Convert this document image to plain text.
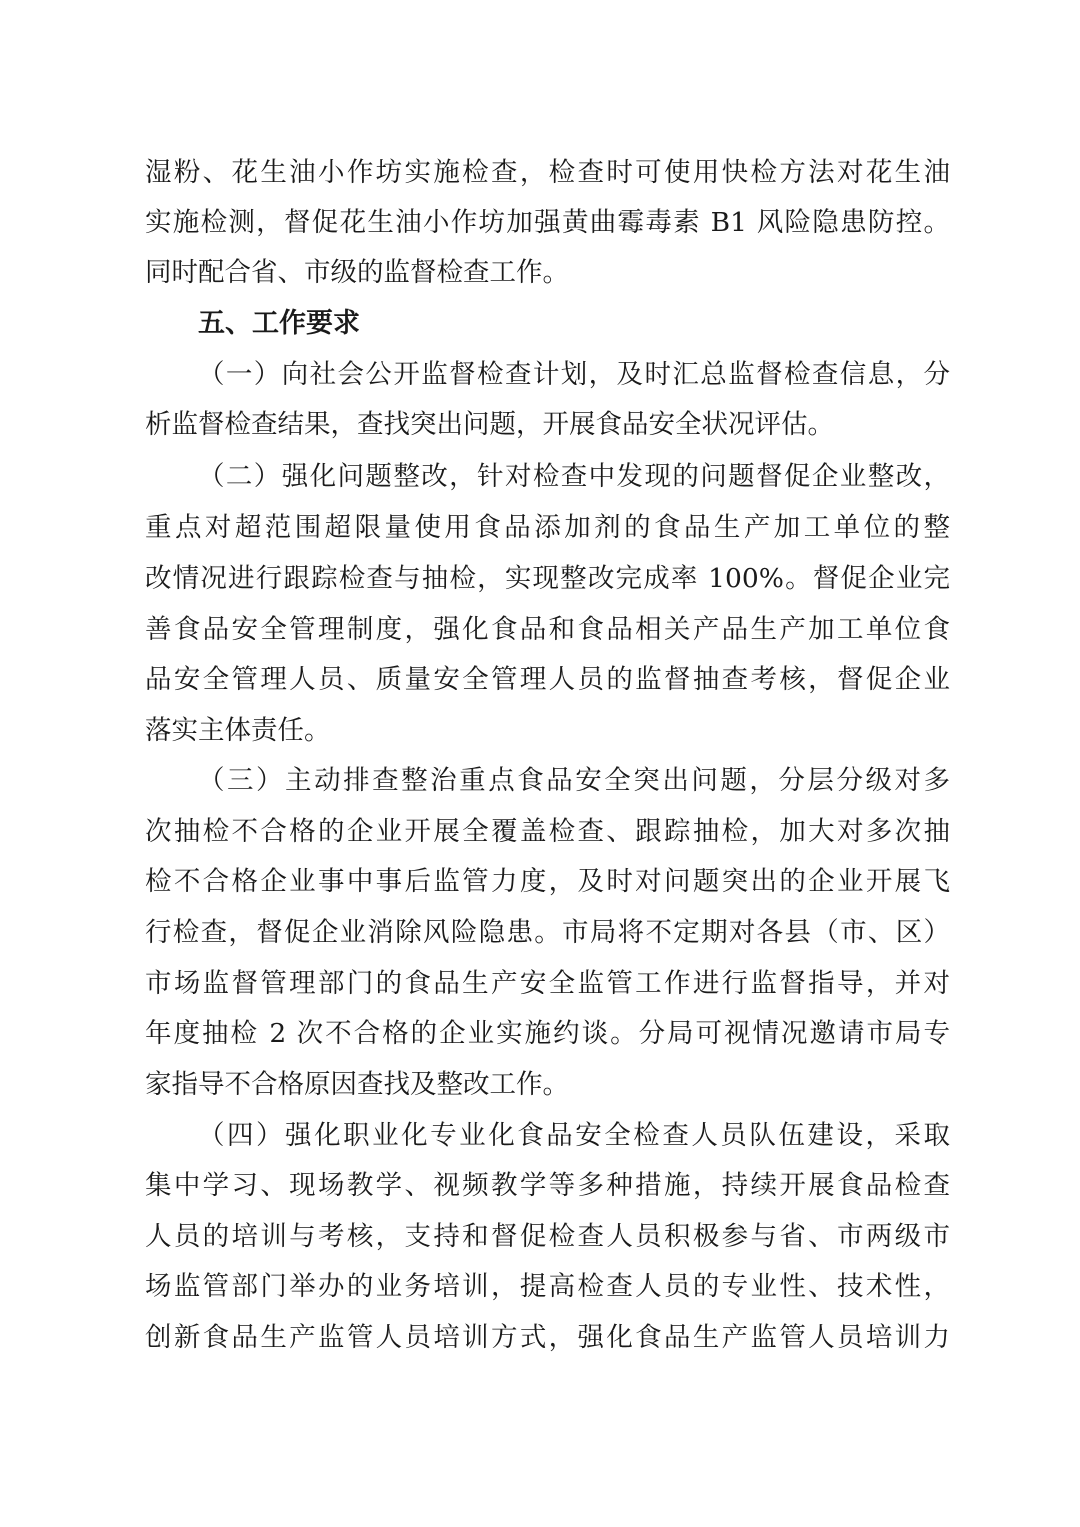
湿粉、花生油小作坊实施检查，检查时可使用快检方法对花生油
实施检测，督促花生油小作坊加强黄曲霉毒素 B1 风险隐患防控。
同时配合省、市级的监督检查工作。
五、工作要求
（一）向社会公开监督检查计划，及时汇总监督检查信息，分
析监督检查结果，查找突出问题，开展食品安全状况评估。
（二）强化问题整改，针对检查中发现的问题督促企业整改，
重点对超范围超限量使用食品添加剂的食品生产加工单位的整
改情况进行跟踪检查与抽检，实现整改完成率 100%。督促企业完
善食品安全管理制度，强化食品和食品相关产品生产加工单位食
品安全管理人员、质量安全管理人员的监督抽查考核，督促企业
落实主体责任。
（三）主动排查整治重点食品安全突出问题，分层分级对多
次抽检不合格的企业开展全覆盖检查、跟踪抽检，加大对多次抽
检不合格企业事中事后监管力度，及时对问题突出的企业开展飞
行检查，督促企业消除风险隐患。市局将不定期对各县（市、区）
市场监督管理部门的食品生产安全监管工作进行监督指导，并对
年度抽检 2 次不合格的企业实施约谈。分局可视情况邀请市局专
家指导不合格原因查找及整改工作。
（四）强化职业化专业化食品安全检查人员队伍建设，采取
集中学习、现场教学、视频教学等多种措施，持续开展食品检查
人员的培训与考核，支持和督促检查人员积极参与省、市两级市
场监管部门举办的业务培训，提高检查人员的专业性、技术性，
创新食品生产监管人员培训方式，强化食品生产监管人员培训力
